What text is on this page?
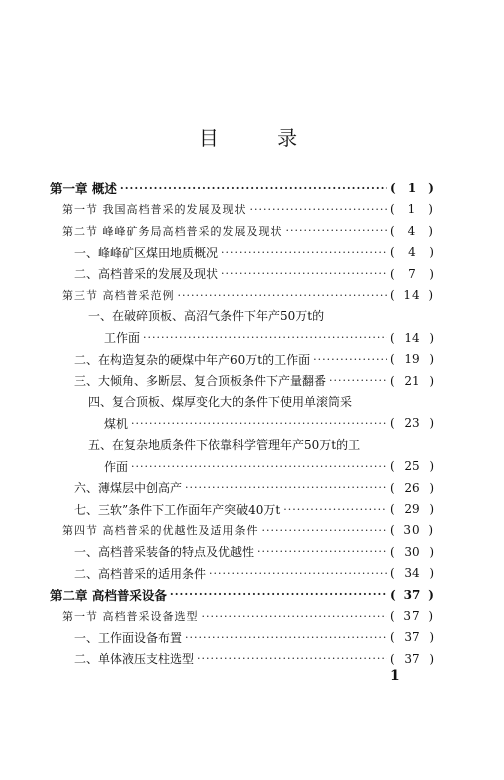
目 录
第一章 概述 ·····	( 1 )
第一节 我国高档普采的发展及现状 ·····	( 1 )
第二节 峰峰矿务局高档普采的发展及现状 ·····	( 4 )
一、峰峰矿区煤田地质概况 ·····	( 4 )
二、高档普采的发展及现状 ·····	( 7 )
第三节 高档普采范例 ·····	( 14 )
一、在破碎顶板、高沼气条件下年产50万t的
工作面 ·····	( 14 )
二、在构造复杂的硬煤中年产60万t的工作面 ·····	( 19 )
三、大倾角、多断层、复合顶板条件下产量翻番 ·····	( 21 )
四、复合顶板、煤厚变化大的条件下使用单滚筒采
煤机 ·····	( 23 )
五、在复杂地质条件下依靠科学管理年产50万t的工
作面 ·····	( 25 )
六、薄煤层中创高产 ·····	( 26 )
七、三软”条件下工作面年产突破40万t ·····	( 29 )
第四节 高档普采的优越性及适用条件 ·····	( 30 )
一、高档普采装备的特点及优越性 ·····	( 30 )
二、高档普采的适用条件 ·····	( 34 )
第二章 高档普采设备 ·····	( 37 )
第一节 高档普采设备选型 ·····	( 37 )
一、工作面设备布置 ·····	( 37 )
二、单体液压支柱选型 ·····	( 37 )
1
